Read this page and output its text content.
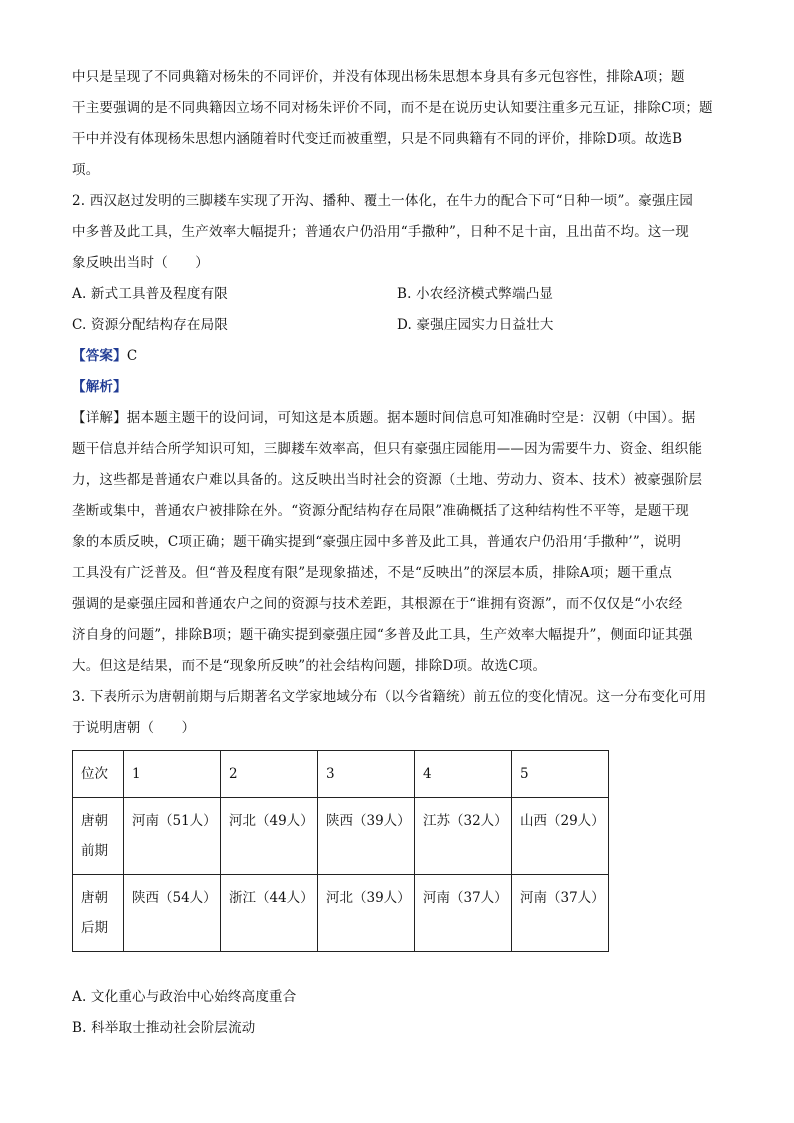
中只是呈现了不同典籍对杨朱的不同评价，并没有体现出杨朱思想本身具有多元包容性，排除A项；题

干主要强调的是不同典籍因立场不同对杨朱评价不同，而不是在说历史认知要注重多元互证，排除C项；题

干中并没有体现杨朱思想内涵随着时代变迁而被重塑，只是不同典籍有不同的评价，排除D项。故选B

项。

2. 西汉赵过发明的三脚耧车实现了开沟、播种、覆土一体化，在牛力的配合下可“日种一顷”。豪强庄园

中多普及此工具，生产效率大幅提升；普通农户仍沿用“手撒种”，日种不足十亩，且出苗不均。这一现

象反映出当时（　　）

A. 新式工具普及程度有限	B. 小农经济模式弊端凸显

C. 资源分配结构存在局限	D. 豪强庄园实力日益壮大

【答案】C

【解析】

【详解】据本题主题干的设问词，可知这是本质题。据本题时间信息可知准确时空是：汉朝（中国）。据

题干信息并结合所学知识可知，三脚耧车效率高，但只有豪强庄园能用——因为需要牛力、资金、组织能

力，这些都是普通农户难以具备的。这反映出当时社会的资源（土地、劳动力、资本、技术）被豪强阶层

垄断或集中，普通农户被排除在外。“资源分配结构存在局限”准确概括了这种结构性不平等，是题干现

象的本质反映，C项正确；题干确实提到“豪强庄园中多普及此工具，普通农户仍沿用‘手撒种’”，说明

工具没有广泛普及。但“普及程度有限”是现象描述，不是“反映出”的深层本质，排除A项；题干重点

强调的是豪强庄园和普通农户之间的资源与技术差距，其根源在于“谁拥有资源”，而不仅仅是“小农经

济自身的问题”，排除B项；题干确实提到豪强庄园“多普及此工具，生产效率大幅提升”，侧面印证其强

大。但这是结果，而不是“现象所反映”的社会结构问题，排除D项。故选C项。

3. 下表所示为唐朝前期与后期著名文学家地域分布（以今省籍统）前五位的变化情况。这一分布变化可用

于说明唐朝（　　）

位次	1	2	3	4	5
唐朝前期	河南（51人）	河北（49人）	陕西（39人）	江苏（32人）	山西（29人）
唐朝后期	陕西（54人）	浙江（44人）	河北（39人）	河南（37人）	河南（37人）

A. 文化重心与政治中心始终高度重合

B. 科举取士推动社会阶层流动
